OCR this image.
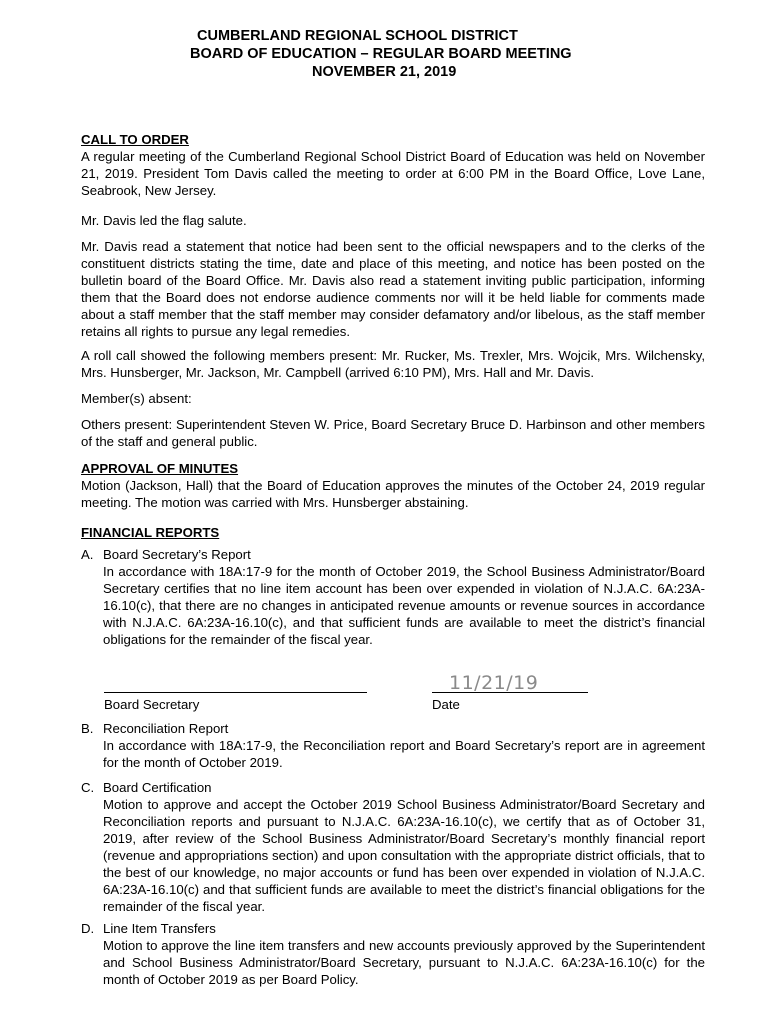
CUMBERLAND REGIONAL SCHOOL DISTRICT
BOARD OF EDUCATION – REGULAR BOARD MEETING
NOVEMBER 21, 2019
CALL TO ORDER

A regular meeting of the Cumberland Regional School District Board of Education was held on November 21, 2019. President Tom Davis called the meeting to order at 6:00 PM in the Board Office, Love Lane, Seabrook, New Jersey.

Mr. Davis led the flag salute.

Mr. Davis read a statement that notice had been sent to the official newspapers and to the clerks of the constituent districts stating the time, date and place of this meeting, and notice has been posted on the bulletin board of the Board Office. Mr. Davis also read a statement inviting public participation, informing them that the Board does not endorse audience comments nor will it be held liable for comments made about a staff member that the staff member may consider defamatory and/or libelous, as the staff member retains all rights to pursue any legal remedies.

A roll call showed the following members present: Mr. Rucker, Ms. Trexler, Mrs. Wojcik, Mrs. Wilchensky, Mrs. Hunsberger, Mr. Jackson, Mr. Campbell (arrived 6:10 PM), Mrs. Hall and Mr. Davis.

Member(s) absent:

Others present: Superintendent Steven W. Price, Board Secretary Bruce D. Harbinson and other members of the staff and general public.

APPROVAL OF MINUTES

Motion (Jackson, Hall) that the Board of Education approves the minutes of the October 24, 2019 regular meeting. The motion was carried with Mrs. Hunsberger abstaining.

FINANCIAL REPORTS
A. Board Secretary’s Report

In accordance with 18A:17-9 for the month of October 2019, the School Business Administrator/Board Secretary certifies that no line item account has been over expended in violation of N.J.A.C. 6A:23A-16.10(c), that there are no changes in anticipated revenue amounts or revenue sources in accordance with N.J.A.C. 6A:23A-16.10(c), and that sufficient funds are available to meet the district’s financial obligations for the remainder of the fiscal year.

Board Secretary
11/21/19
Date
B. Reconciliation Report

In accordance with 18A:17-9, the Reconciliation report and Board Secretary’s report are in agreement for the month of October 2019.

C. Board Certification

Motion to approve and accept the October 2019 School Business Administrator/Board Secretary and Reconciliation reports and pursuant to N.J.A.C. 6A:23A-16.10(c), we certify that as of October 31, 2019, after review of the School Business Administrator/Board Secretary’s monthly financial report (revenue and appropriations section) and upon consultation with the appropriate district officials, that to the best of our knowledge, no major accounts or fund has been over expended in violation of N.J.A.C. 6A:23A-16.10(c) and that sufficient funds are available to meet the district’s financial obligations for the remainder of the fiscal year.

D. Line Item Transfers

Motion to approve the line item transfers and new accounts previously approved by the Superintendent and School Business Administrator/Board Secretary, pursuant to N.J.A.C. 6A:23A-16.10(c) for the month of October 2019 as per Board Policy.
